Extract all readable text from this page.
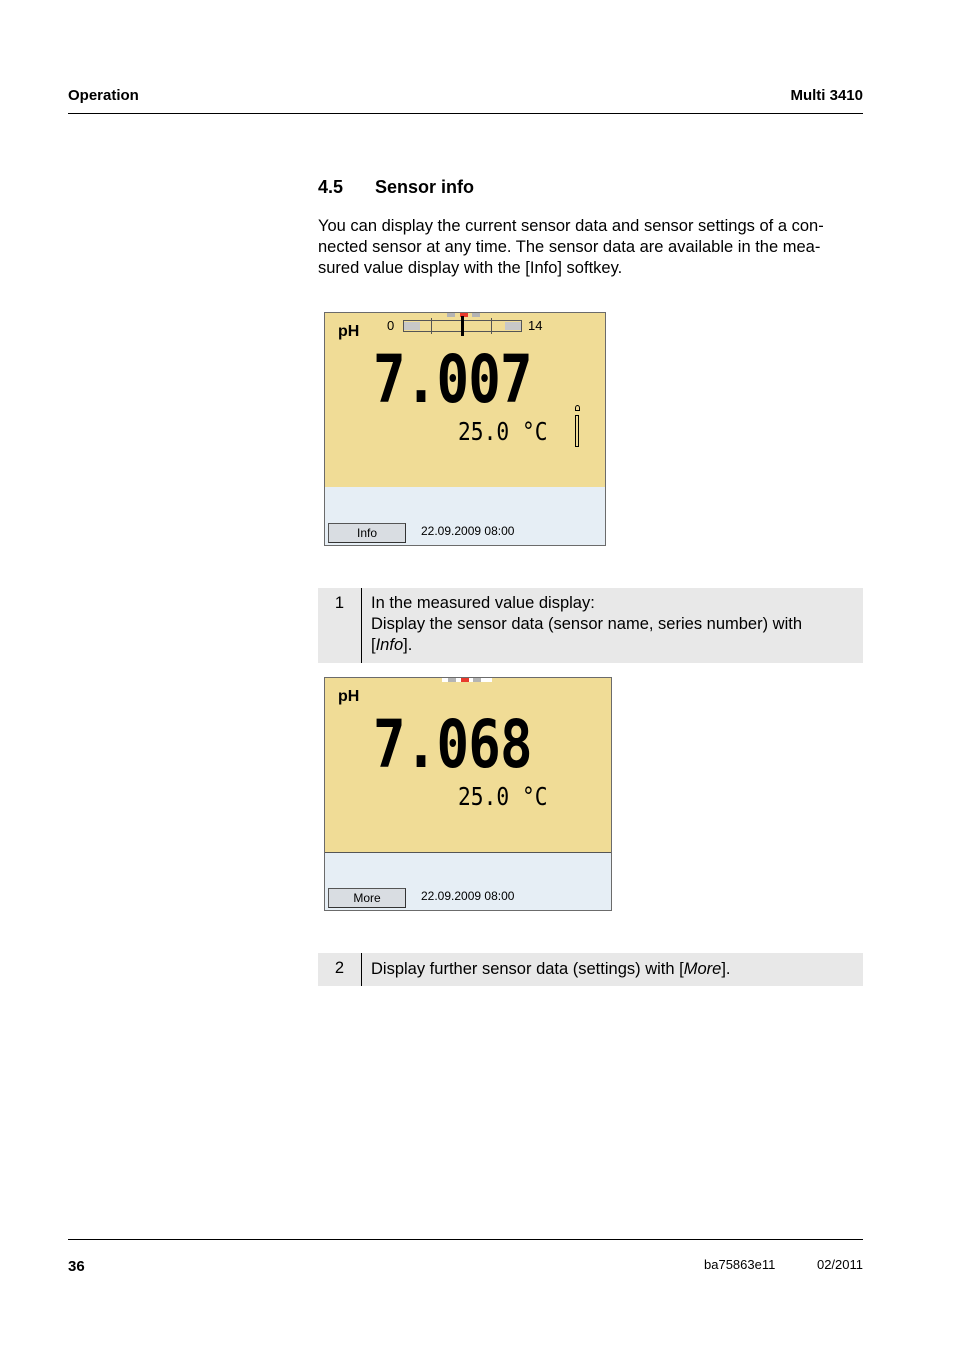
Operation	Multi 3410
4.5 Sensor info
You can display the current sensor data and sensor settings of a con-
nected sensor at any time. The sensor data are available in the mea-
sured value display with the [Info] softkey.
pH 0	14
7.007
25.0 °C
Info	22.09.2009 08:00
1	In the measured value display:
Display the sensor data (sensor name, series number) with
[Info].
pH
7.068
25.0 °C
More	22.09.2009 08:00
2	Display further sensor data (settings) with [More].
36	ba75863e11	02/2011
